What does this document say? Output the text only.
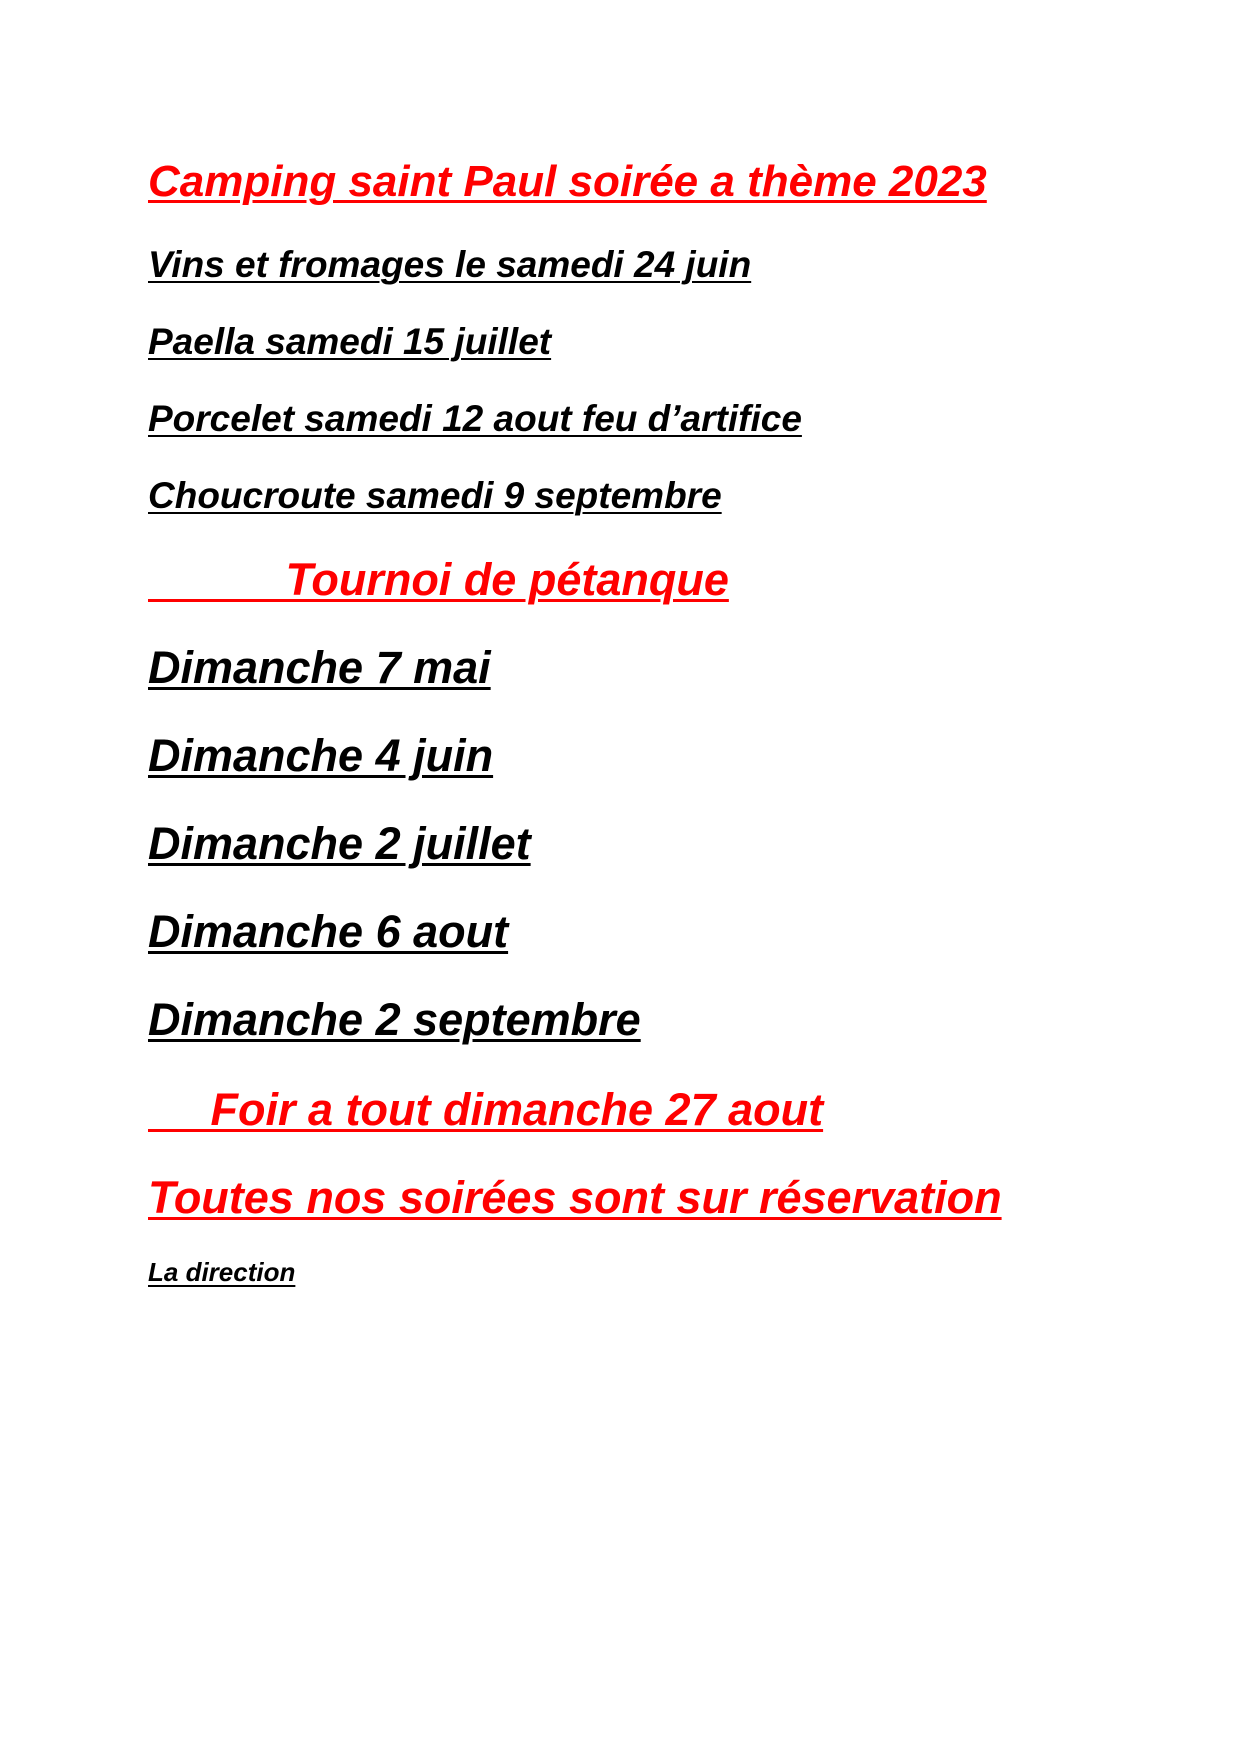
Camping saint Paul soirée a thème 2023

Vins et fromages le samedi 24 juin

Paella samedi 15 juillet

Porcelet samedi 12 aout feu d’artifice

Choucroute samedi 9 septembre

Tournoi de pétanque

Dimanche 7 mai

Dimanche 4 juin

Dimanche 2 juillet

Dimanche 6 aout

Dimanche 2 septembre

Foir a tout dimanche 27 aout

Toutes nos soirées sont sur réservation

La direction
